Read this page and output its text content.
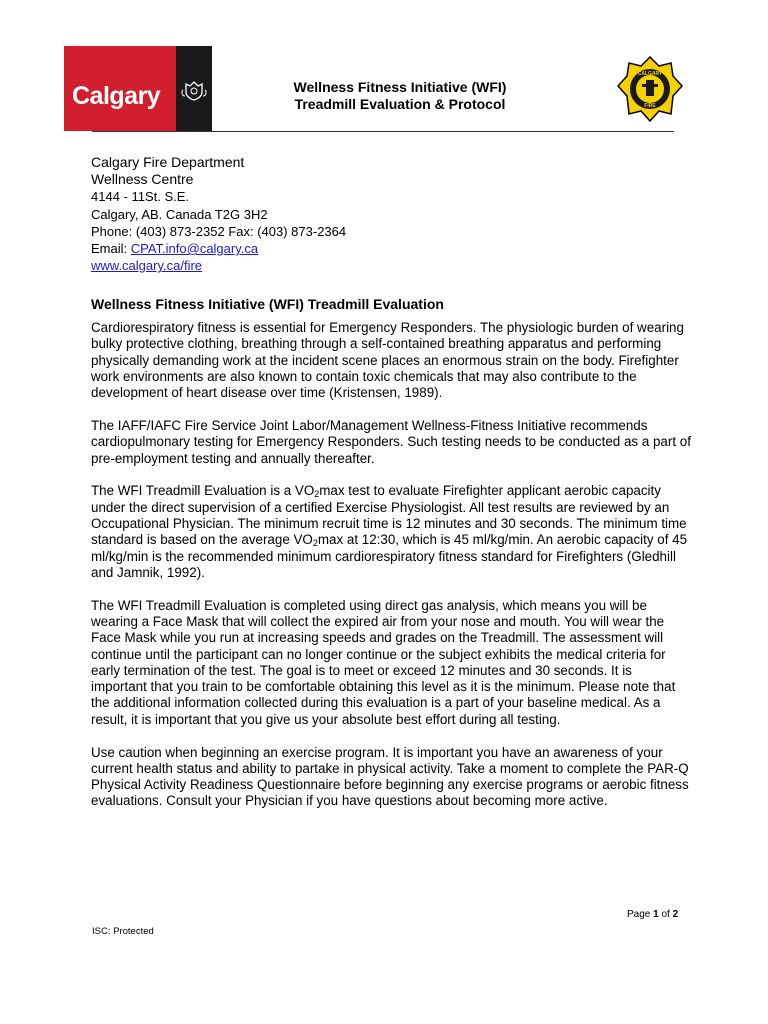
Calgary	Wellness Fitness Initiative (WFI)
Treadmill Evaluation & Protocol
CALGARY
FIRE
Calgary Fire Department
Wellness Centre
4144 - 11St. S.E.
Calgary, AB. Canada T2G 3H2
Phone: (403) 873-2352 Fax: (403) 873-2364
Email: CPAT.info@calgary.ca
www.calgary.ca/fire
Wellness Fitness Initiative (WFI) Treadmill Evaluation

Cardiorespiratory fitness is essential for Emergency Responders. The physiologic burden of wearing bulky protective clothing, breathing through a self-contained breathing apparatus and performing physically demanding work at the incident scene places an enormous strain on the body. Firefighter work environments are also known to contain toxic chemicals that may also contribute to the development of heart disease over time (Kristensen, 1989).

The IAFF/IAFC Fire Service Joint Labor/Management Wellness-Fitness Initiative recommends cardiopulmonary testing for Emergency Responders. Such testing needs to be conducted as a part of pre-employment testing and annually thereafter.

The WFI Treadmill Evaluation is a $VO_2\max$ test to evaluate Firefighter applicant aerobic capacity under the direct supervision of a certified Exercise Physiologist. All test results are reviewed by an Occupational Physician. The minimum recruit time is 12 minutes and 30 seconds. The minimum time standard is based on the average $VO_2\max$ at 12:30, which is 45 ml/kg/min. An aerobic capacity of 45 ml/kg/min is the recommended minimum cardiorespiratory fitness standard for Firefighters (Gledhill and Jamnik, 1992).

The WFI Treadmill Evaluation is completed using direct gas analysis, which means you will be wearing a Face Mask that will collect the expired air from your nose and mouth. You will wear the Face Mask while you run at increasing speeds and grades on the Treadmill. The assessment will continue until the participant can no longer continue or the subject exhibits the medical criteria for early termination of the test. The goal is to meet or exceed 12 minutes and 30 seconds. It is important that you train to be comfortable obtaining this level as it is the minimum. Please note that the additional information collected during this evaluation is a part of your baseline medical. As a result, it is important that you give us your absolute best effort during all testing.

Use caution when beginning an exercise program. It is important you have an awareness of your current health status and ability to partake in physical activity. Take a moment to complete the PAR-Q Physical Activity Readiness Questionnaire before beginning any exercise programs or aerobic fitness evaluations. Consult your Physician if you have questions about becoming more active.

Page 1 of 2
ISC: Protected
